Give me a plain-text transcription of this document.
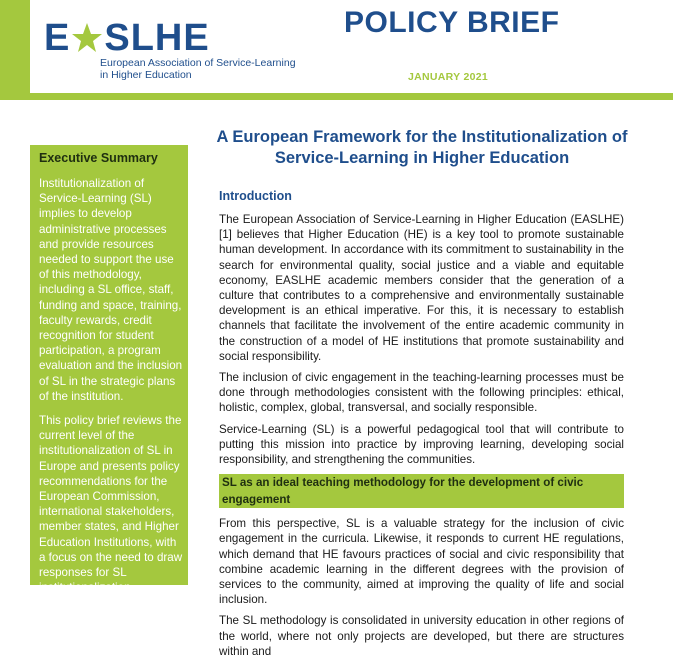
E SLHE
European Association of Service-Learning
in Higher Education
POLICY BRIEF
JANUARY 2021
Executive Summary

Institutionalization of Service-Learning (SL) implies to develop administrative processes and provide resources needed to support the use of this methodology, including a SL office, staff, funding and space, training, faculty rewards, credit recognition for student participation, a program evaluation and the inclusion of SL in the strategic plans of the institution.

This policy brief reviews the current level of the institutionalization of SL in Europe and presents policy recommendations for the European Commission, international stakeholders, member states, and Higher Education Institutions, with a focus on the need to draw responses for SL institutionalization.

A European Framework for the Institutionalization of Service-Learning in Higher Education
Introduction

The European Association of Service-Learning in Higher Education (EASLHE) [1] believes that Higher Education (HE) is a key tool to promote sustainable human development. In accordance with its commitment to sustainability in the search for environmental quality, social justice and a viable and equitable economy, EASLHE academic members consider that the generation of a culture that contributes to a comprehensive and environmentally sustainable development is an ethical imperative. For this, it is necessary to establish channels that facilitate the involvement of the entire academic community in the construction of a model of HE institutions that promote sustainability and social responsibility.

The inclusion of civic engagement in the teaching-learning processes must be done through methodologies consistent with the following principles: ethical, holistic, complex, global, transversal, and socially responsible.

Service-Learning (SL) is a powerful pedagogical tool that will contribute to putting this mission into practice by improving learning, developing social responsibility, and strengthening the communities.

SL as an ideal teaching methodology for the development of civic engagement

From this perspective, SL is a valuable strategy for the inclusion of civic engagement in the curricula. Likewise, it responds to current HE regulations, which demand that HE favours practices of social and civic responsibility that combine academic learning in the different degrees with the provision of services to the community, aimed at improving the quality of life and social inclusion.

The SL methodology is consolidated in university education in other regions of the world, where not only projects are developed, but there are structures within and
